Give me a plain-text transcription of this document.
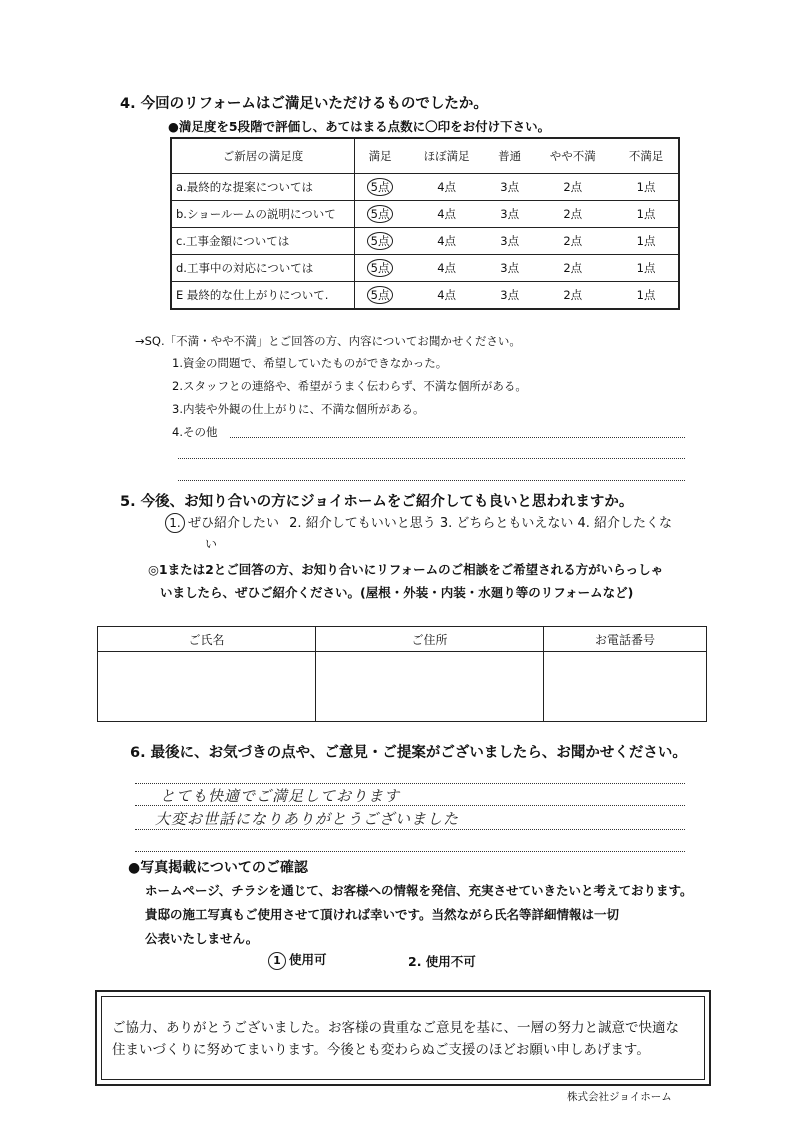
4. 今回のリフォームはご満足いただけるものでしたか。
●満足度を5段階で評価し、あてはまる点数に〇印をお付け下さい。
ご新居の満足度	満足	ほぼ満足	普通	やや不満	不満足
a.最終的な提案については	5点	4点	3点	2点	1点
b.ショールームの説明について	5点	4点	3点	2点	1点
c.工事金額については	5点	4点	3点	2点	1点
d.工事中の対応については	5点	4点	3点	2点	1点
E 最終的な仕上がりについて.	5点	4点	3点	2点	1点
→SQ.「不満・やや不満」とご回答の方、内容についてお聞かせください。
1.資金の問題で、希望していたものができなかった。
2.スタッフとの連絡や、希望がうまく伝わらず、不満な個所がある。
3.内装や外観の仕上がりに、不満な個所がある。
4.その他
5. 今後、お知り合いの方にジョイホームをご紹介しても良いと思われますか。
1. ぜひ紹介したい 2. 紹介してもいいと思う 3. どちらともいえない 4. 紹介したくな
い
◎1または2とご回答の方、お知り合いにリフォームのご相談をご希望される方がいらっしゃ
いましたら、ぜひご紹介ください。(屋根・外装・内装・水廻り等のリフォームなど)
ご氏名	ご住所	お電話番号

6. 最後に、お気づきの点や、ご意見・ご提案がございましたら、お聞かせください。
とても快適でご満足しております
大変お世話になりありがとうございました
●写真掲載についてのご確認
ホームページ、チラシを通じて、お客様への情報を発信、充実させていきたいと考えております。
貴邸の施工写真もご使用させて頂ければ幸いです。当然ながら氏名等詳細情報は一切
公表いたしません。
1 使用可	2. 使用不可
ご協力、ありがとうございました。お客様の貴重なご意見を基に、一層の努力と誠意で快適な
住まいづくりに努めてまいります。今後とも変わらぬご支援のほどお願い申しあげます。
株式会社ジョイホーム
